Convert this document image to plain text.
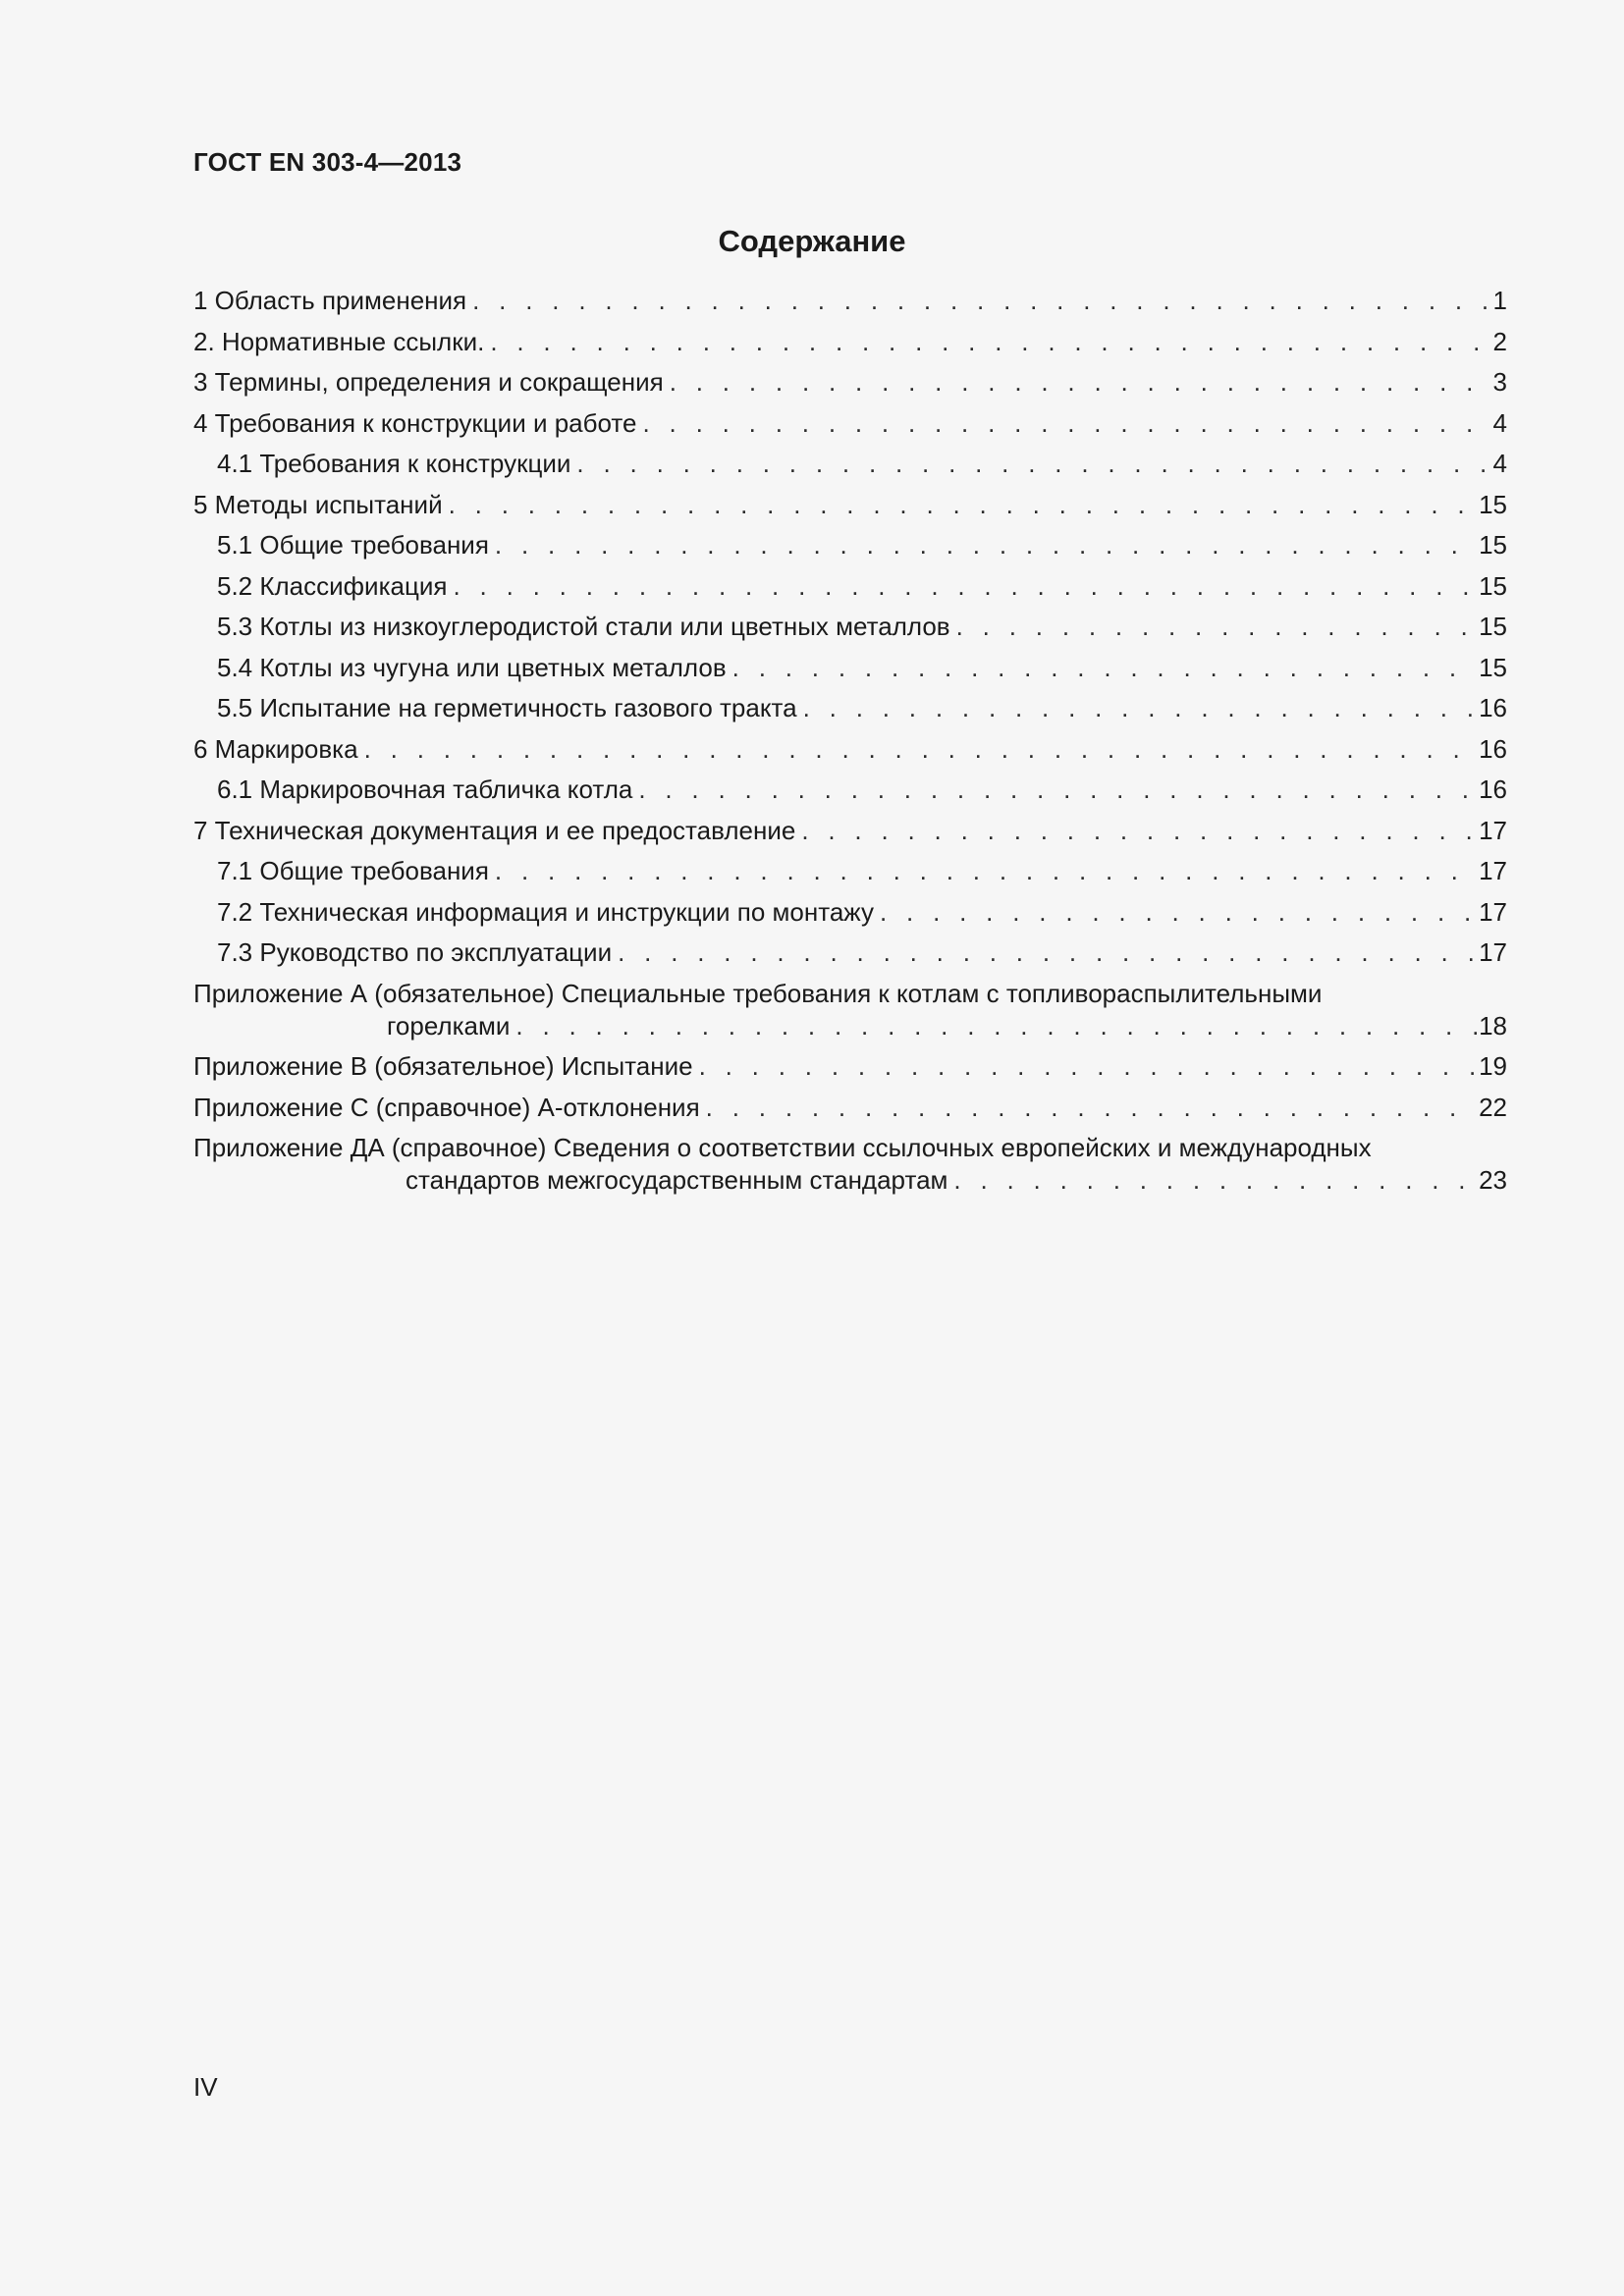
ГОСТ EN 303-4—2013
Содержание
1 Область применения . . .	1
2. Нормативные ссылки. . . .	2
3 Термины, определения и сокращения . . .	3
4 Требования к конструкции и работе . . .	4
4.1 Требования к конструкции . . .	4
5 Методы испытаний . . .	15
5.1 Общие требования . . .	15
5.2 Классификация . . .	15
5.3 Котлы из низкоуглеродистой стали или цветных металлов . . .	15
5.4 Котлы из чугуна или цветных металлов . . .	15
5.5 Испытание на герметичность газового тракта . . .	16
6 Маркировка . . .	16
6.1 Маркировочная табличка котла . . .	16
7 Техническая документация и ее предоставление . . .	17
7.1 Общие требования . . .	17
7.2 Техническая информация и инструкции по монтажу . . .	17
7.3 Руководство по эксплуатации . . .	17
Приложение А (обязательное) Специальные требования к котлам с топливораспылительными
горелками . . .	18
Приложение В (обязательное) Испытание . . .	19
Приложение С (справочное) А-отклонения . . .	22
Приложение ДА (справочное) Сведения о соответствии ссылочных европейских и международных
стандартов межгосударственным стандартам . . .	23
IV
